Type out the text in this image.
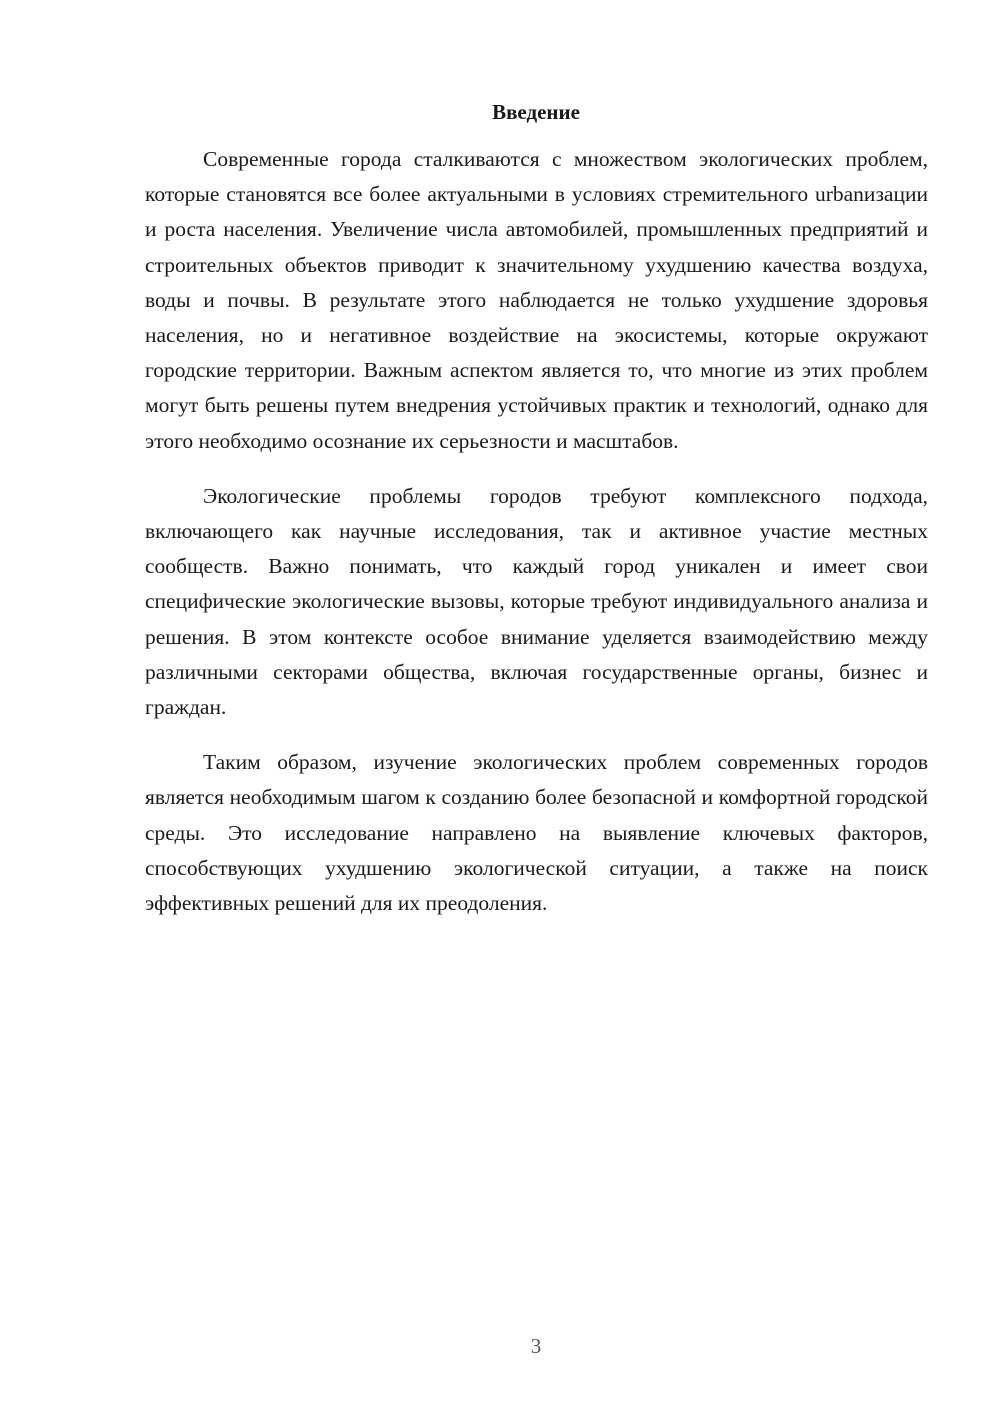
Введение

Современные города сталкиваются с множеством экологических проблем, которые становятся все более актуальными в условиях стремительного urbanизации и роста населения. Увеличение числа автомобилей, промышленных предприятий и строительных объектов приводит к значительному ухудшению качества воздуха, воды и почвы. В результате этого наблюдается не только ухудшение здоровья населения, но и негативное воздействие на экосистемы, которые окружают городские территории. Важным аспектом является то, что многие из этих проблем могут быть решены путем внедрения устойчивых практик и технологий, однако для этого необходимо осознание их серьезности и масштабов.

Экологические проблемы городов требуют комплексного подхода, включающего как научные исследования, так и активное участие местных сообществ. Важно понимать, что каждый город уникален и имеет свои специфические экологические вызовы, которые требуют индивидуального анализа и решения. В этом контексте особое внимание уделяется взаимодействию между различными секторами общества, включая государственные органы, бизнес и граждан.

Таким образом, изучение экологических проблем современных городов является необходимым шагом к созданию более безопасной и комфортной городской среды. Это исследование направлено на выявление ключевых факторов, способствующих ухудшению экологической ситуации, а также на поиск эффективных решений для их преодоления.

3
